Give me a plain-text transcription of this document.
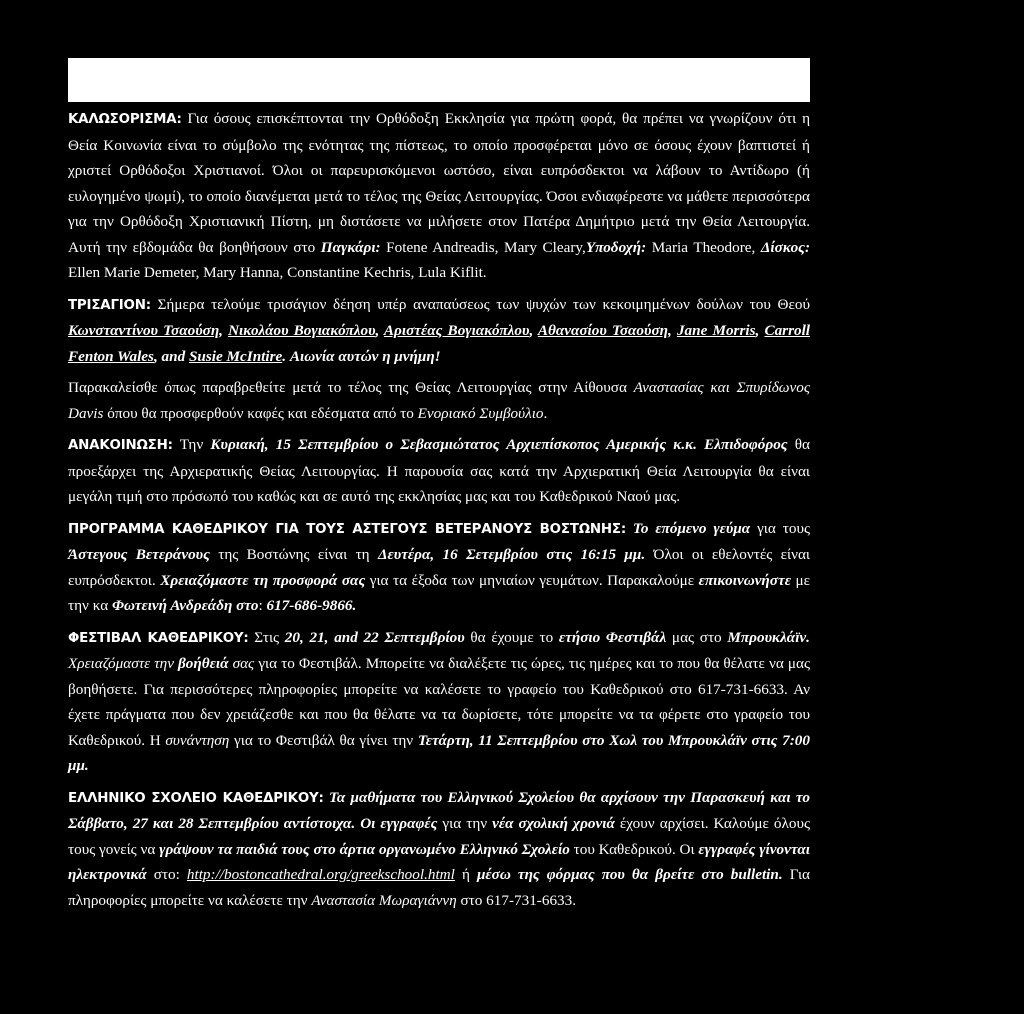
ΚΑΛΩΣΟΡΙΣΜΑ: Για όσους επισκέπτονται την Ορθόδοξη Εκκλησία για πρώτη φορά, θα πρέπει να γνωρίζουν ότι η Θεία Κοινωνία είναι το σύμβολο της ενότητας της πίστεως, το οποίο προσφέρεται μόνο σε όσους έχουν βαπτιστεί ή χριστεί Ορθόδοξοι Χριστιανοί. Όλοι οι παρευρισκόμενοι ωστόσο, είναι ευπρόσδεκτοι να λάβουν το Αντίδωρο (ή ευλογημένο ψωμί), το οποίο διανέμεται μετά το τέλος της Θείας Λειτουργίας. Όσοι ενδιαφέρεστε να μάθετε περισσότερα για την Ορθόδοξη Χριστιανική Πίστη, μη διστάσετε να μιλήσετε στον Πατέρα Δημήτριο μετά την Θεία Λειτουργία. Αυτή την εβδομάδα θα βοηθήσουν στο Παγκάρι: Fotene Andreadis, Mary Cleary,Υποδοχή: Maria Theodore, Δίσκος: Ellen Marie Demeter, Mary Hanna, Constantine Kechris, Lula Kiflit.

ΤΡΙΣΑΓΙΟΝ: Σήμερα τελούμε τρισάγιον δέηση υπέρ αναπαύσεως των ψυχών των κεκοιμημένων δούλων του Θεού Κωνσταντίνου Τσαούση, Νικολάου Βογιακόπλου, Αριστέας Βογιακόπλου, Αθανασίου Τσαούση, Jane Morris, Carroll Fenton Wales, and Susie McIntire. Αιωνία αυτών η μνήμη!

Παρακαλείσθε όπως παραβρεθείτε μετά το τέλος της Θείας Λειτουργίας στην Αίθουσα Αναστασίας και Σπυρίδωνος Davis όπου θα προσφερθούν καφές και εδέσματα από το Ενοριακό Συμβούλιο.

ΑΝΑΚΟΙΝΩΣΗ: Την Κυριακή, 15 Σεπτεμβρίου ο Σεβασμιώτατος Αρχιεπίσκοπος Αμερικής κ.κ. Ελπιδοφόρος θα προεξάρχει της Αρχιερατικής Θείας Λειτουργίας. Η παρουσία σας κατά την Αρχιερατική Θεία Λειτουργία θα είναι μεγάλη τιμή στο πρόσωπό του καθώς και σε αυτό της εκκλησίας μας και του Καθεδρικού Ναού μας.

ΠΡΟΓΡΑΜΜΑ ΚΑΘΕΔΡΙΚΟΥ ΓΙΑ ΤΟΥΣ ΑΣΤΕΓΟΥΣ ΒΕΤΕΡΑΝΟΥΣ ΒΟΣΤΩΝΗΣ: Το επόμενο γεύμα για τους Άστεγους Βετεράνους της Βοστώνης είναι τη Δευτέρα, 16 Σετεμβρίου στις 16:15 μμ. Όλοι οι εθελοντές είναι ευπρόσδεκτοι. Χρειαζόμαστε τη προσφορά σας για τα έξοδα των μηνιαίων γευμάτων. Παρακαλούμε επικοινωνήστε με την κα Φωτεινή Ανδρεάδη στο: 617-686-9866.

ΦΕΣΤΙΒΑΛ ΚΑΘΕΔΡΙΚΟΥ: Στις 20, 21, and 22 Σεπτεμβρίου θα έχουμε το ετήσιο Φεστιβάλ μας στο Μπρουκλάϊν. Χρειαζόμαστε την βοήθειά σας για το Φεστιβάλ. Μπορείτε να διαλέξετε τις ώρες, τις ημέρες και το που θα θέλατε να μας βοηθήσετε. Για περισσότερες πληροφορίες μπορείτε να καλέσετε το γραφείο του Καθεδρικού στο 617-731-6633. Αν έχετε πράγματα που δεν χρειάζεσθε και που θα θέλατε να τα δωρίσετε, τότε μπορείτε να τα φέρετε στο γραφείο του Καθεδρικού. Η συνάντηση για το Φεστιβάλ θα γίνει την Τετάρτη, 11 Σεπτεμβρίου στο Χωλ του Μπρουκλάϊν στις 7:00 μμ.

ΕΛΛΗΝΙΚΟ ΣΧΟΛΕΙΟ ΚΑΘΕΔΡΙΚΟΥ: Τα μαθήματα του Ελληνικού Σχολείου θα αρχίσουν την Παρασκευή και το Σάββατο, 27 και 28 Σεπτεμβρίου αντίστοιχα. Οι εγγραφές για την νέα σχολική χρονιά έχουν αρχίσει. Καλούμε όλους τους γονείς να γράψουν τα παιδιά τους στο άρτια οργανωμένο Ελληνικό Σχολείο του Καθεδρικού. Οι εγγραφές γίνονται ηλεκτρονικά στο: http://bostoncathedral.org/greekschool.html ή μέσω της φόρμας που θα βρείτε στο bulletin. Για πληροφορίες μπορείτε να καλέσετε την Αναστασία Μωραγιάννη στο 617-731-6633.
